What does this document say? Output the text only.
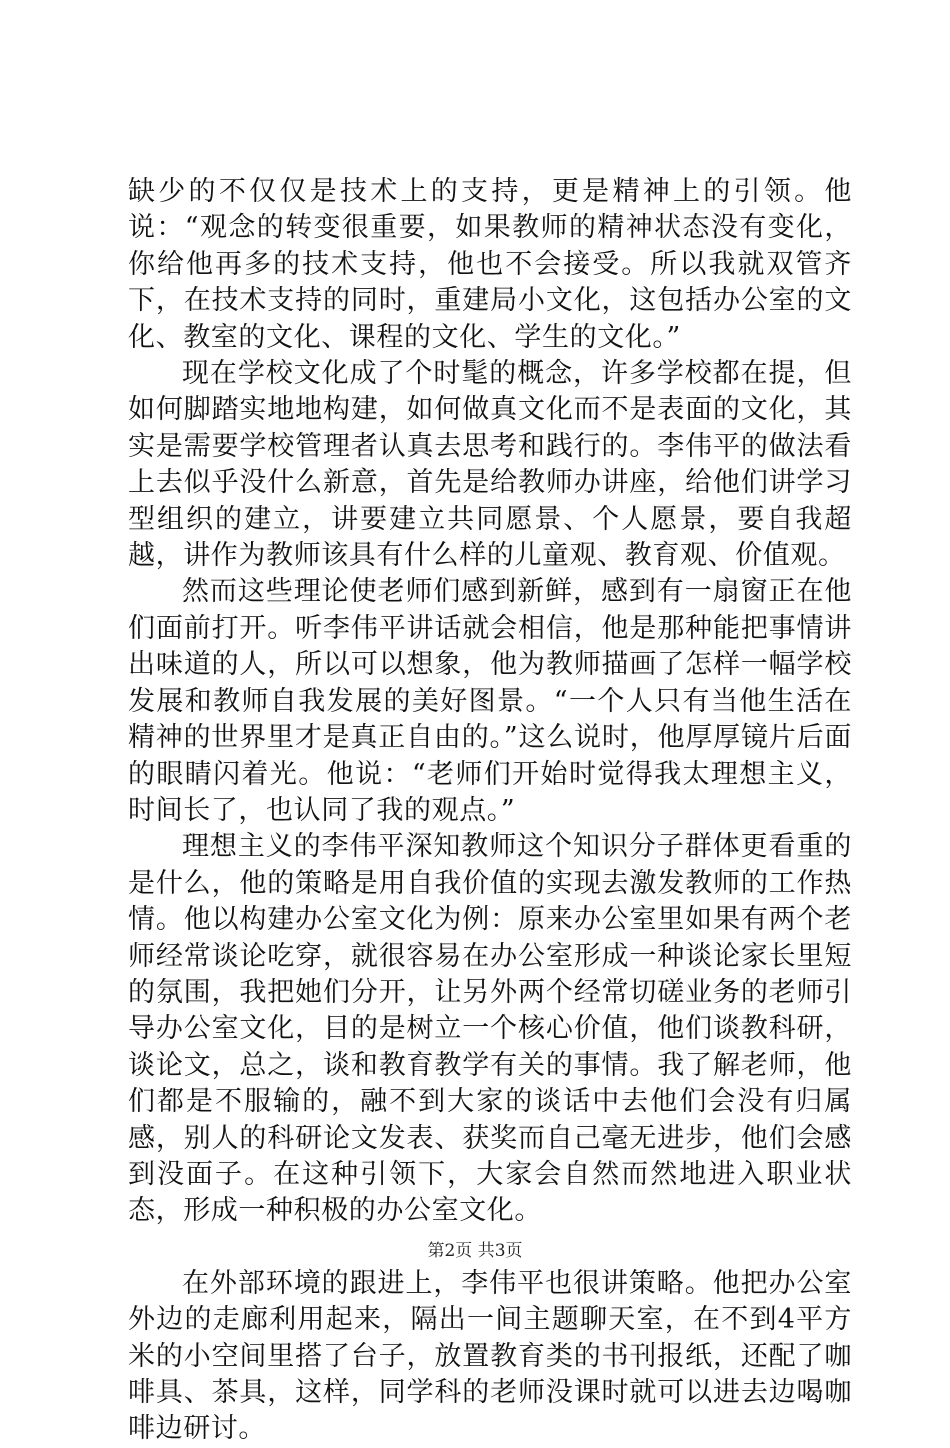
缺少的不仅仅是技术上的支持，更是精神上的引领。他说：“观念的转变很重要，如果教师的精神状态没有变化，你给他再多的技术支持，他也不会接受。所以我就双管齐下，在技术支持的同时，重建局小文化，这包括办公室的文化、教室的文化、课程的文化、学生的文化。”

现在学校文化成了个时髦的概念，许多学校都在提，但如何脚踏实地地构建，如何做真文化而不是表面的文化，其实是需要学校管理者认真去思考和践行的。李伟平的做法看上去似乎没什么新意，首先是给教师办讲座，给他们讲学习型组织的建立，讲要建立共同愿景、个人愿景，要自我超越，讲作为教师该具有什么样的儿童观、教育观、价值观。

然而这些理论使老师们感到新鲜，感到有一扇窗正在他们面前打开。听李伟平讲话就会相信，他是那种能把事情讲出味道的人，所以可以想象，他为教师描画了怎样一幅学校发展和教师自我发展的美好图景。“一个人只有当他生活在精神的世界里才是真正自由的。”这么说时，他厚厚镜片后面的眼睛闪着光。他说：“老师们开始时觉得我太理想主义，时间长了，也认同了我的观点。”

理想主义的李伟平深知教师这个知识分子群体更看重的是什么，他的策略是用自我价值的实现去激发教师的工作热情。他以构建办公室文化为例：原来办公室里如果有两个老师经常谈论吃穿，就很容易在办公室形成一种谈论家长里短的氛围，我把她们分开，让另外两个经常切磋业务的老师引导办公室文化，目的是树立一个核心价值，他们谈教科研，谈论文，总之，谈和教育教学有关的事情。我了解老师，他们都是不服输的，融不到大家的谈话中去他们会没有归属感，别人的科研论文发表、获奖而自己毫无进步，他们会感到没面子。在这种引领下，大家会自然而然地进入职业状态，形成一种积极的办公室文化。

在外部环境的跟进上，李伟平也很讲策略。他把办公室外边的走廊利用起来，隔出一间主题聊天室，在不到4平方米的小空间里搭了台子，放置教育类的书刊报纸，还配了咖啡具、茶具，这样，同学科的老师没课时就可以进去边喝咖啡边研讨。

第2页 共3页
